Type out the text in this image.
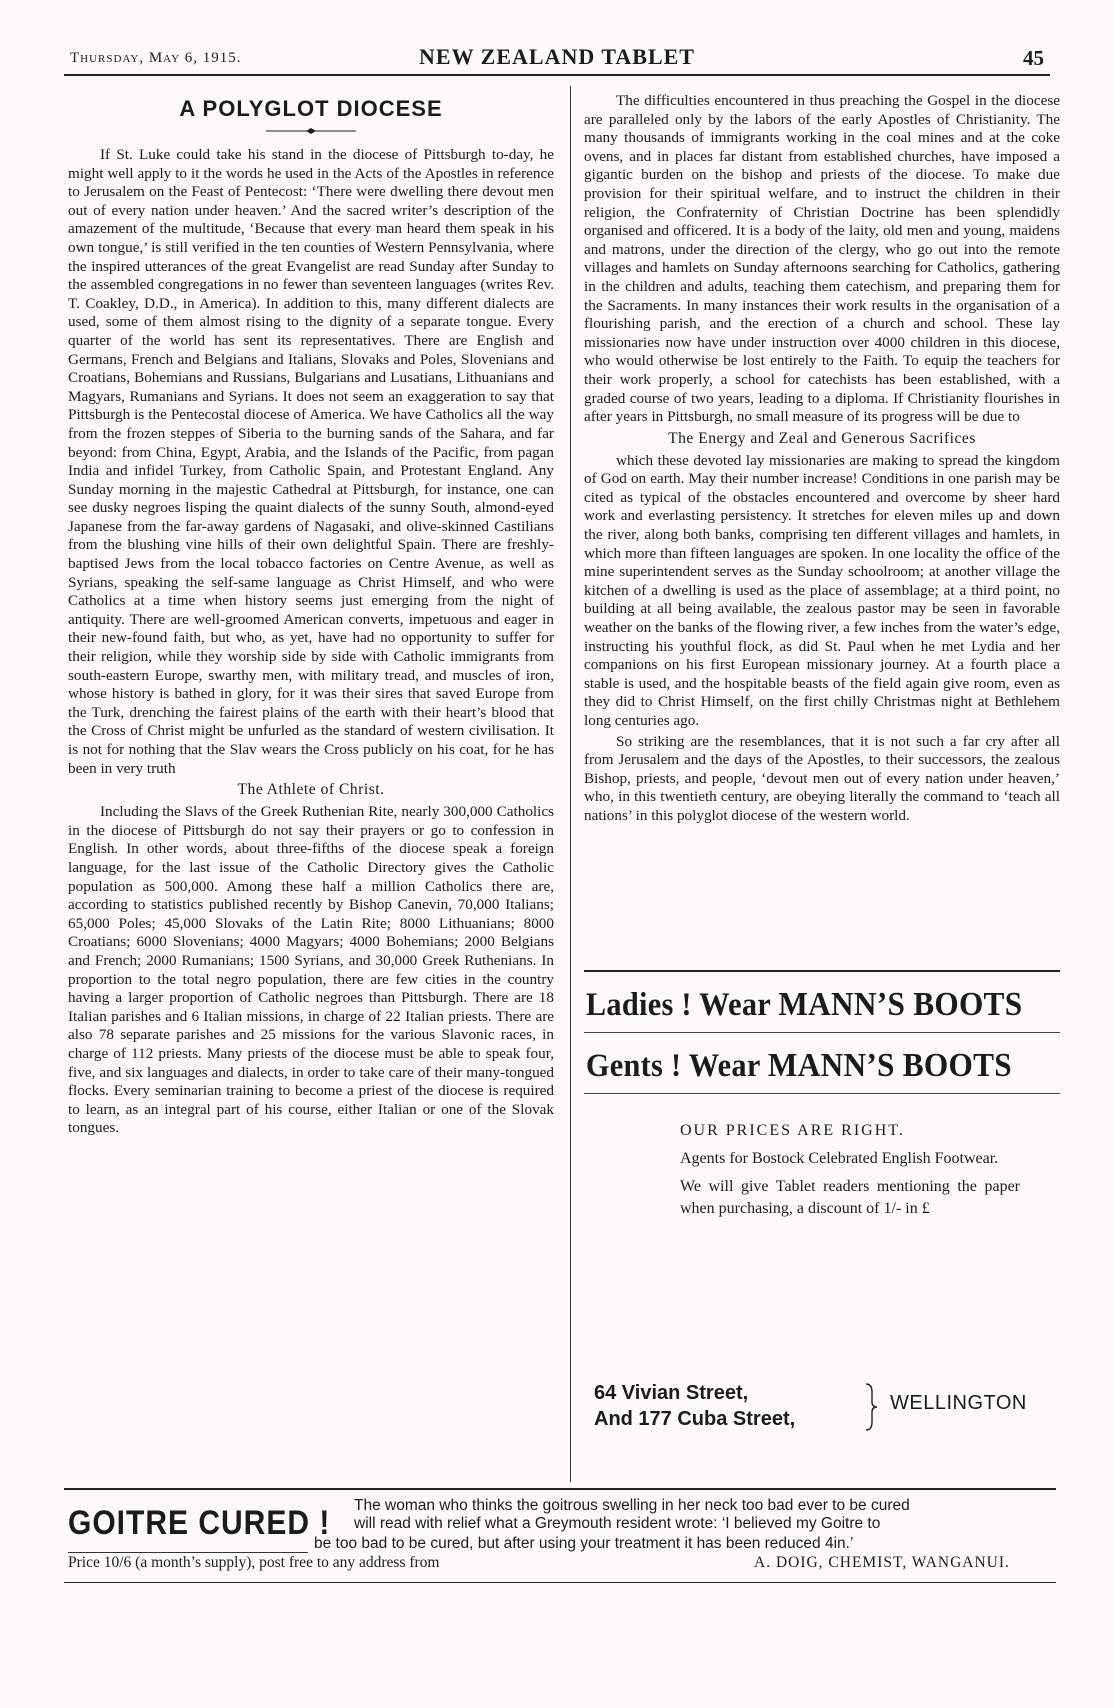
Thursday, May 6, 1915.	NEW ZEALAND TABLET	45
A POLYGLOT DIOCESE

If St. Luke could take his stand in the diocese of Pittsburgh to-day, he might well apply to it the words he used in the Acts of the Apostles in reference to Jerusalem on the Feast of Pentecost: ‘There were dwelling there devout men out of every nation under heaven.’ And the sacred writer’s description of the amazement of the multitude, ‘Because that every man heard them speak in his own tongue,’ is still verified in the ten counties of Western Pennsylvania, where the inspired utterances of the great Evangelist are read Sunday after Sunday to the assembled congregations in no fewer than seventeen languages (writes Rev. T. Coakley, D.D., in America). In addition to this, many different dialects are used, some of them almost rising to the dignity of a separate tongue. Every quarter of the world has sent its representatives. There are English and Germans, French and Belgians and Italians, Slovaks and Poles, Slovenians and Croatians, Bohemians and Russians, Bulgarians and Lusatians, Lithuanians and Magyars, Rumanians and Syrians. It does not seem an exaggeration to say that Pittsburgh is the Pentecostal diocese of America. We have Catholics all the way from the frozen steppes of Siberia to the burning sands of the Sahara, and far beyond: from China, Egypt, Arabia, and the Islands of the Pacific, from pagan India and infidel Turkey, from Catholic Spain, and Protestant England. Any Sunday morning in the majestic Cathedral at Pittsburgh, for instance, one can see dusky negroes lisping the quaint dialects of the sunny South, almond-eyed Japanese from the far-away gardens of Nagasaki, and olive-skinned Castilians from the blushing vine hills of their own delightful Spain. There are freshly-baptised Jews from the local tobacco factories on Centre Avenue, as well as Syrians, speaking the self-same language as Christ Himself, and who were Catholics at a time when history seems just emerging from the night of antiquity. There are well-groomed American converts, impetuous and eager in their new-found faith, but who, as yet, have had no opportunity to suffer for their religion, while they worship side by side with Catholic immigrants from south-eastern Europe, swarthy men, with military tread, and muscles of iron, whose history is bathed in glory, for it was their sires that saved Europe from the Turk, drenching the fairest plains of the earth with their heart’s blood that the Cross of Christ might be unfurled as the standard of western civilisation. It is not for nothing that the Slav wears the Cross publicly on his coat, for he has been in very truth

The Athlete of Christ.

Including the Slavs of the Greek Ruthenian Rite, nearly 300,000 Catholics in the diocese of Pittsburgh do not say their prayers or go to confession in English. In other words, about three-fifths of the diocese speak a foreign language, for the last issue of the Catholic Directory gives the Catholic population as 500,000. Among these half a million Catholics there are, according to statistics published recently by Bishop Canevin, 70,000 Italians; 65,000 Poles; 45,000 Slovaks of the Latin Rite; 8000 Lithuanians; 8000 Croatians; 6000 Slovenians; 4000 Magyars; 4000 Bohemians; 2000 Belgians and French; 2000 Rumanians; 1500 Syrians, and 30,000 Greek Ruthenians. In proportion to the total negro population, there are few cities in the country having a larger proportion of Catholic negroes than Pittsburgh. There are 18 Italian parishes and 6 Italian missions, in charge of 22 Italian priests. There are also 78 separate parishes and 25 missions for the various Slavonic races, in charge of 112 priests. Many priests of the diocese must be able to speak four, five, and six languages and dialects, in order to take care of their many-tongued flocks. Every seminarian training to become a priest of the diocese is required to learn, as an integral part of his course, either Italian or one of the Slovak tongues.

The difficulties encountered in thus preaching the Gospel in the diocese are paralleled only by the labors of the early Apostles of Christianity. The many thousands of immigrants working in the coal mines and at the coke ovens, and in places far distant from established churches, have imposed a gigantic burden on the bishop and priests of the diocese. To make due provision for their spiritual welfare, and to instruct the children in their religion, the Confraternity of Christian Doctrine has been splendidly organised and officered. It is a body of the laity, old men and young, maidens and matrons, under the direction of the clergy, who go out into the remote villages and hamlets on Sunday afternoons searching for Catholics, gathering in the children and adults, teaching them catechism, and preparing them for the Sacraments. In many instances their work results in the organisation of a flourishing parish, and the erection of a church and school. These lay missionaries now have under instruction over 4000 children in this diocese, who would otherwise be lost entirely to the Faith. To equip the teachers for their work properly, a school for catechists has been established, with a graded course of two years, leading to a diploma. If Christianity flourishes in after years in Pittsburgh, no small measure of its progress will be due to

The Energy and Zeal and Generous Sacrifices

which these devoted lay missionaries are making to spread the kingdom of God on earth. May their number increase! Conditions in one parish may be cited as typical of the obstacles encountered and overcome by sheer hard work and everlasting persistency. It stretches for eleven miles up and down the river, along both banks, comprising ten different villages and hamlets, in which more than fifteen languages are spoken. In one locality the office of the mine superintendent serves as the Sunday schoolroom; at another village the kitchen of a dwelling is used as the place of assemblage; at a third point, no building at all being available, the zealous pastor may be seen in favorable weather on the banks of the flowing river, a few inches from the water’s edge, instructing his youthful flock, as did St. Paul when he met Lydia and her companions on his first European missionary journey. At a fourth place a stable is used, and the hospitable beasts of the field again give room, even as they did to Christ Himself, on the first chilly Christmas night at Bethlehem long centuries ago.

So striking are the resemblances, that it is not such a far cry after all from Jerusalem and the days of the Apostles, to their successors, the zealous Bishop, priests, and people, ‘devout men out of every nation under heaven,’ who, in this twentieth century, are obeying literally the command to ‘teach all nations’ in this polyglot diocese of the western world.

Ladies ! Wear MANN’S BOOTS
Gents ! Wear MANN’S BOOTS
OUR PRICES ARE RIGHT.
Agents for Bostock Celebrated English Footwear.
We will give Tablet readers mentioning the paper when purchasing, a discount of 1/- in £
64 Vivian Street,
And 177 Cuba Street,
WELLINGTON
GOITRE CURED ! The woman who thinks the goitrous swelling in her neck too bad ever to be cured
will read with relief what a Greymouth resident wrote: ‘I believed my Goitre to
be too bad to be cured, but after using your treatment it has been reduced 4in.’
Price 10/6 (a month’s supply), post free to any address from	A. DOIG, CHEMIST, WANGANUI.
